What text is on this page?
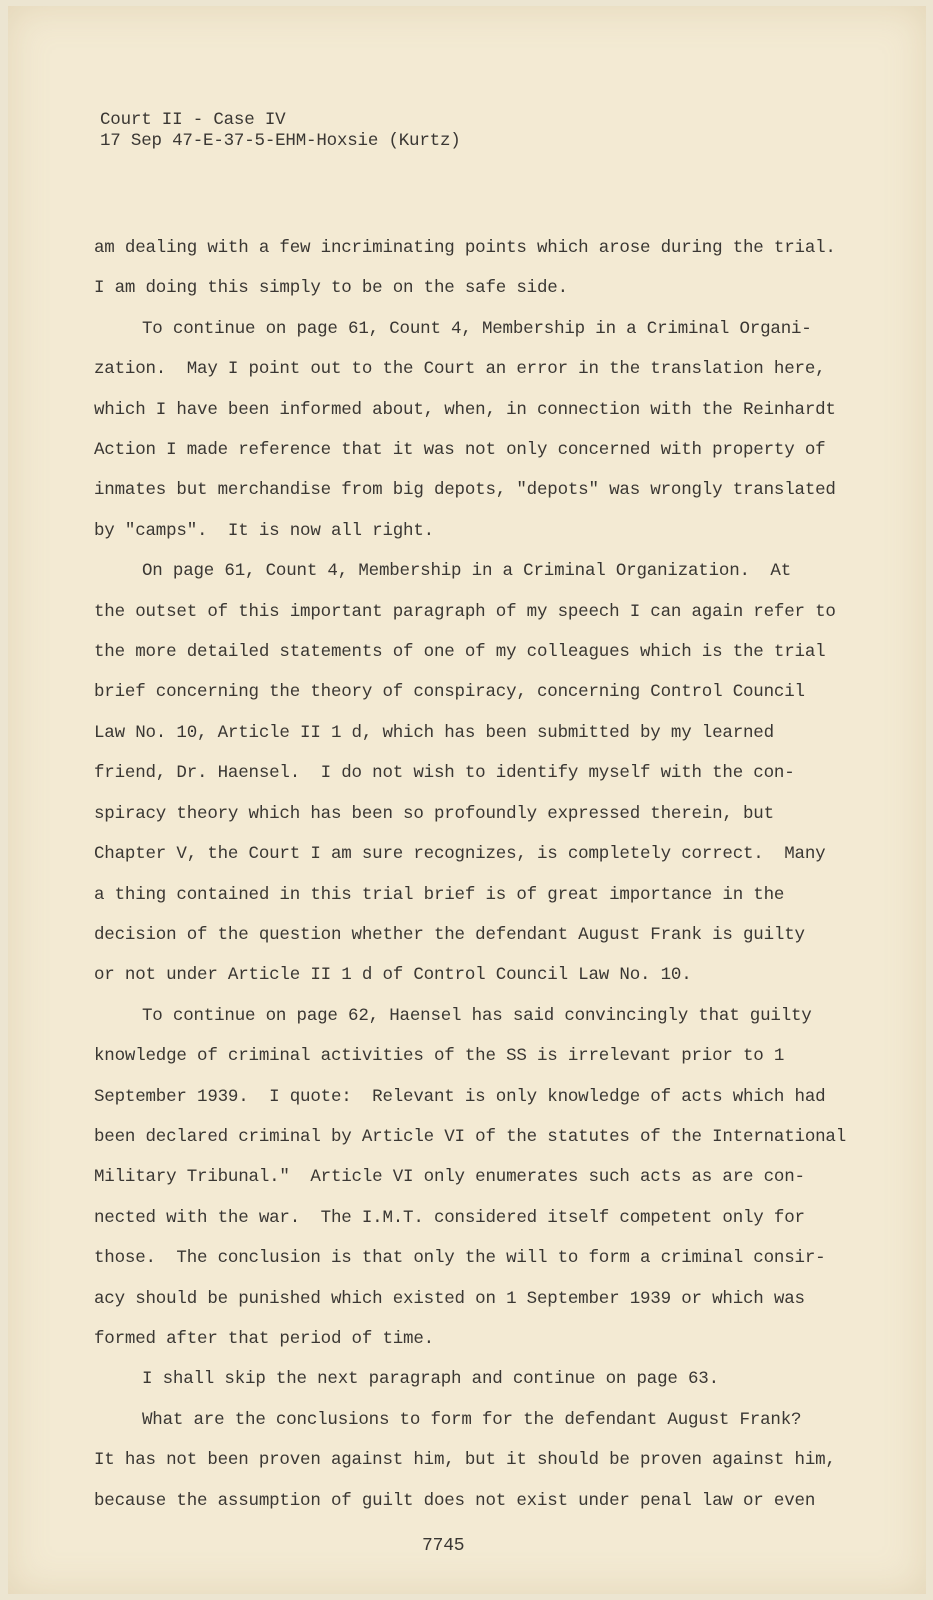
Court II - Case IV
17 Sep 47-E-37-5-EHM-Hoxsie (Kurtz)
am dealing with a few incriminating points which arose during the trial.
I am doing this simply to be on the safe side.
To continue on page 61, Count 4, Membership in a Criminal Organi-
zation.  May I point out to the Court an error in the translation here,
which I have been informed about, when, in connection with the Reinhardt
Action I made reference that it was not only concerned with property of
inmates but merchandise from big depots, "depots" was wrongly translated
by "camps".  It is now all right.
On page 61, Count 4, Membership in a Criminal Organization.  At
the outset of this important paragraph of my speech I can again refer to
the more detailed statements of one of my colleagues which is the trial
brief concerning the theory of conspiracy, concerning Control Council
Law No. 10, Article II 1 d, which has been submitted by my learned
friend, Dr. Haensel.  I do not wish to identify myself with the con-
spiracy theory which has been so profoundly expressed therein, but
Chapter V, the Court I am sure recognizes, is completely correct.  Many
a thing contained in this trial brief is of great importance in the
decision of the question whether the defendant August Frank is guilty
or not under Article II 1 d of Control Council Law No. 10.
To continue on page 62, Haensel has said convincingly that guilty
knowledge of criminal activities of the SS is irrelevant prior to 1
September 1939.  I quote:  Relevant is only knowledge of acts which had
been declared criminal by Article VI of the statutes of the International
Military Tribunal."  Article VI only enumerates such acts as are con-
nected with the war.  The I.M.T. considered itself competent only for
those.  The conclusion is that only the will to form a criminal consir-
acy should be punished which existed on 1 September 1939 or which was
formed after that period of time.
I shall skip the next paragraph and continue on page 63.
What are the conclusions to form for the defendant August Frank?
It has not been proven against him, but it should be proven against him,
because the assumption of guilt does not exist under penal law or even
7745
